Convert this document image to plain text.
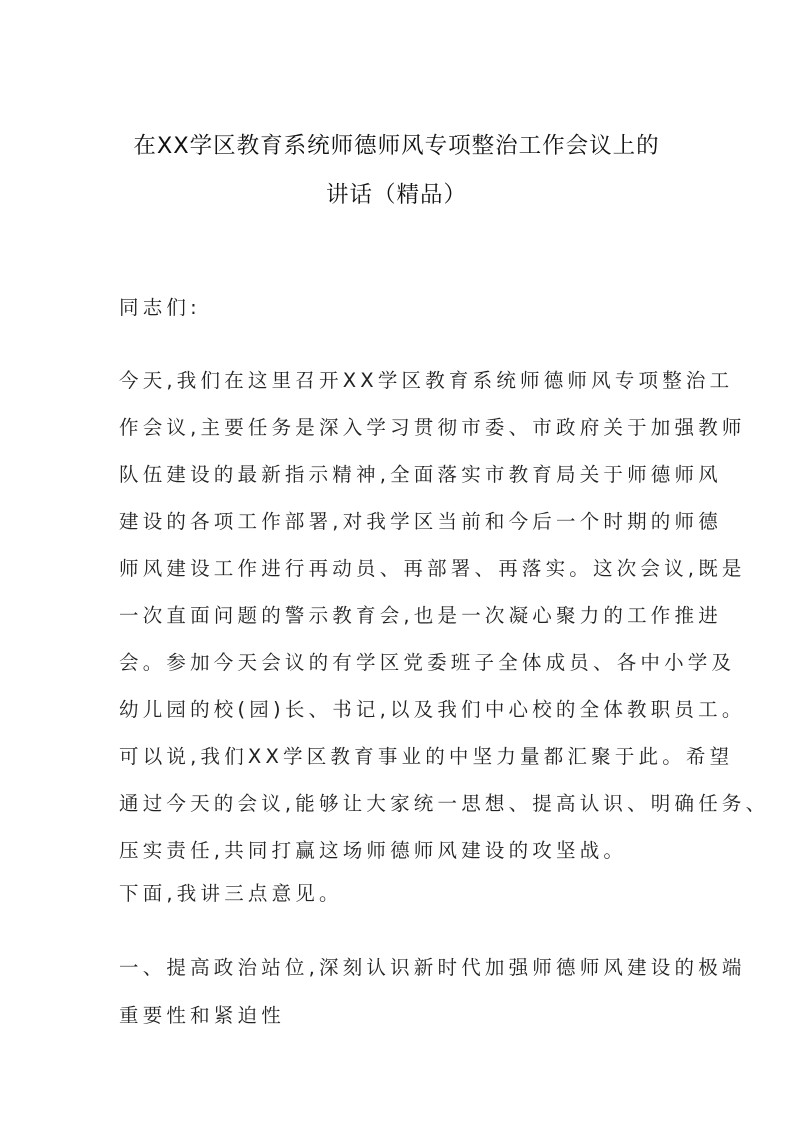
在XX学区教育系统师德师风专项整治工作会议上的
讲话（精品）
同志们:
今天,我们在这里召开XX学区教育系统师德师风专项整治工
作会议,主要任务是深入学习贯彻市委、市政府关于加强教师
队伍建设的最新指示精神,全面落实市教育局关于师德师风
建设的各项工作部署,对我学区当前和今后一个时期的师德
师风建设工作进行再动员、再部署、再落实。这次会议,既是
一次直面问题的警示教育会,也是一次凝心聚力的工作推进
会。参加今天会议的有学区党委班子全体成员、各中小学及
幼儿园的校(园)长、书记,以及我们中心校的全体教职员工。
可以说,我们XX学区教育事业的中坚力量都汇聚于此。希望
通过今天的会议,能够让大家统一思想、提高认识、明确任务、
压实责任,共同打赢这场师德师风建设的攻坚战。
下面,我讲三点意见。
一、提高政治站位,深刻认识新时代加强师德师风建设的极端
重要性和紧迫性
